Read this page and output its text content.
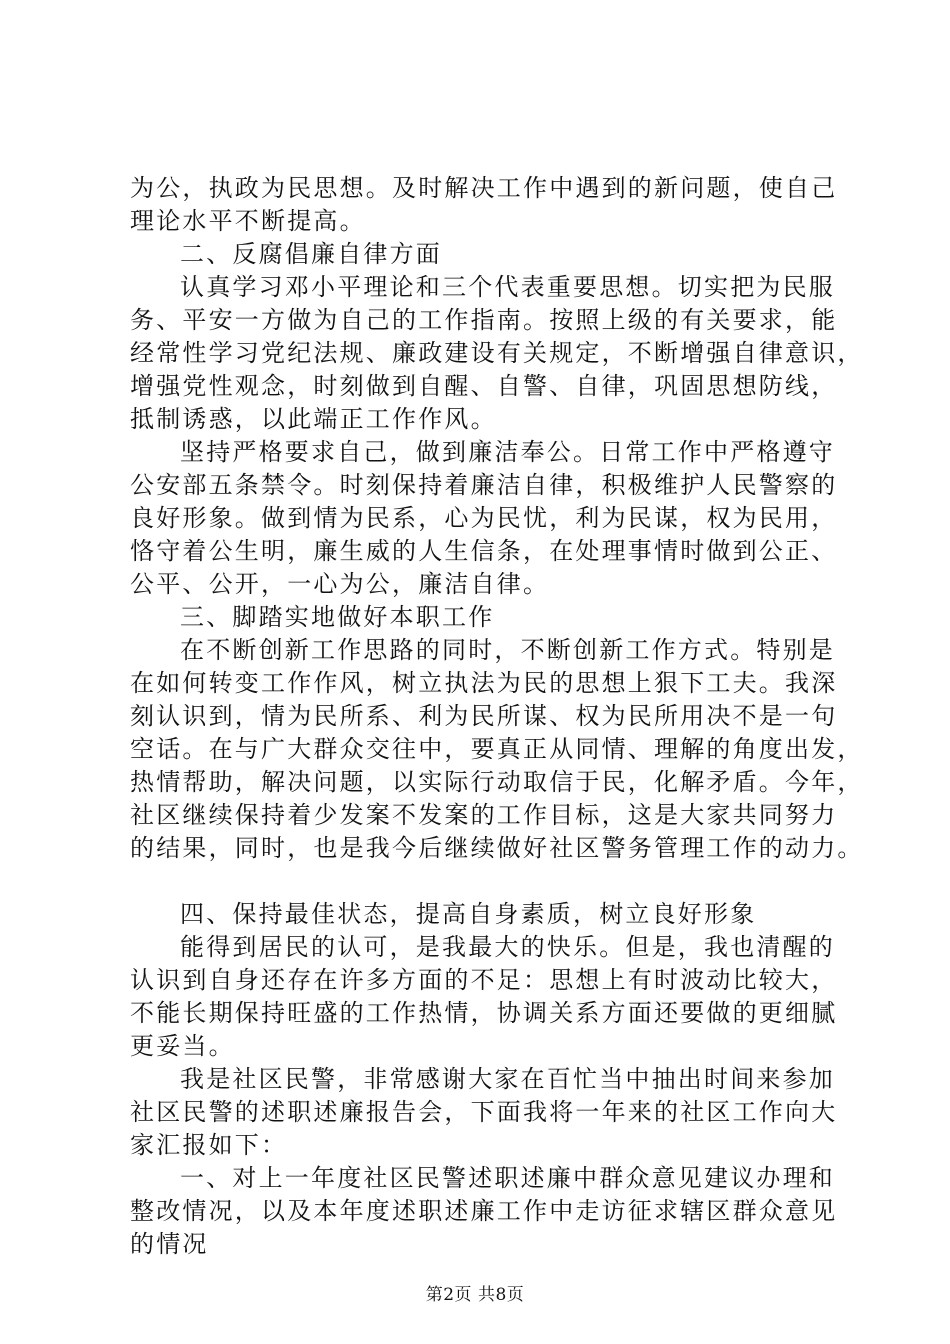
为公，执政为民思想。及时解决工作中遇到的新问题，使自己
理论水平不断提高。
二、反腐倡廉自律方面
认真学习邓小平理论和三个代表重要思想。切实把为民服
务、平安一方做为自己的工作指南。按照上级的有关要求，能
经常性学习党纪法规、廉政建设有关规定，不断增强自律意识，
增强党性观念，时刻做到自醒、自警、自律，巩固思想防线，
抵制诱惑，以此端正工作作风。
坚持严格要求自己，做到廉洁奉公。日常工作中严格遵守
公安部五条禁令。时刻保持着廉洁自律，积极维护人民警察的
良好形象。做到情为民系，心为民忧，利为民谋，权为民用，
恪守着公生明，廉生威的人生信条，在处理事情时做到公正、
公平、公开，一心为公，廉洁自律。
三、脚踏实地做好本职工作
在不断创新工作思路的同时，不断创新工作方式。特别是
在如何转变工作作风，树立执法为民的思想上狠下工夫。我深
刻认识到，情为民所系、利为民所谋、权为民所用决不是一句
空话。在与广大群众交往中，要真正从同情、理解的角度出发，
热情帮助，解决问题，以实际行动取信于民，化解矛盾。今年，
社区继续保持着少发案不发案的工作目标，这是大家共同努力
的结果，同时，也是我今后继续做好社区警务管理工作的动力。
四、保持最佳状态，提高自身素质，树立良好形象
能得到居民的认可，是我最大的快乐。但是，我也清醒的
认识到自身还存在许多方面的不足：思想上有时波动比较大，
不能长期保持旺盛的工作热情，协调关系方面还要做的更细腻
更妥当。
我是社区民警，非常感谢大家在百忙当中抽出时间来参加
社区民警的述职述廉报告会，下面我将一年来的社区工作向大
家汇报如下：
一、对上一年度社区民警述职述廉中群众意见建议办理和
整改情况，以及本年度述职述廉工作中走访征求辖区群众意见
的情况
第2页 共8页
